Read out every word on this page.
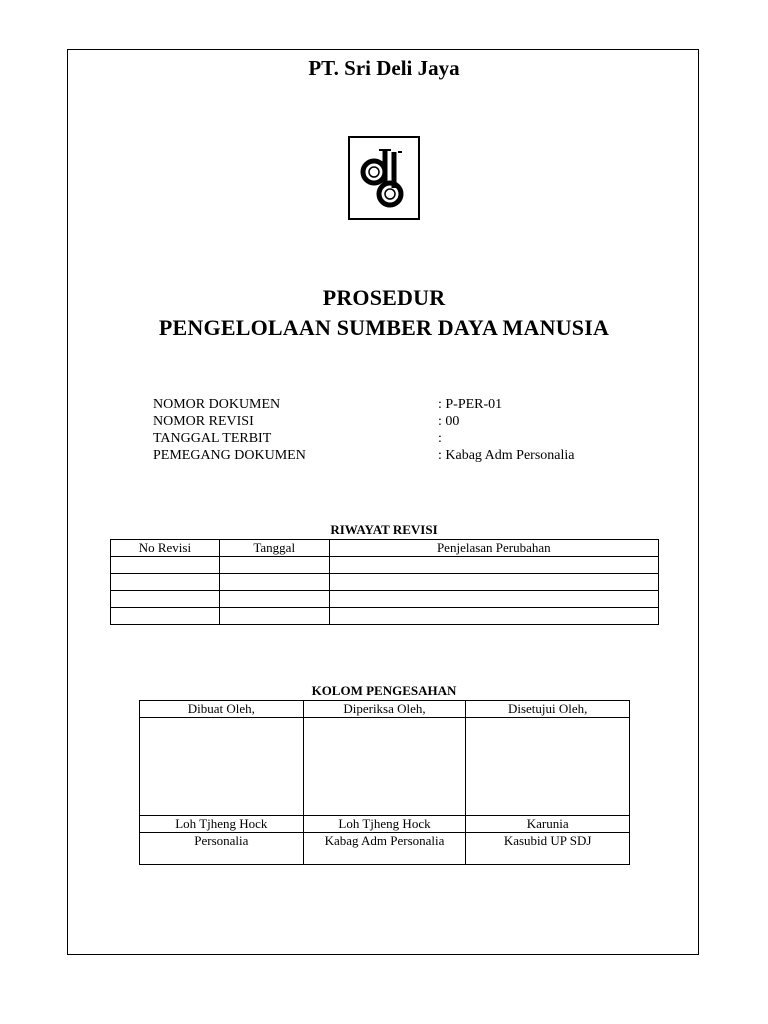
PT. Sri Deli Jaya
PROSEDUR
PENGELOLAAN SUMBER DAYA MANUSIA
NOMOR DOKUMEN	: P-PER-01
NOMOR REVISI	: 00
TANGGAL TERBIT	:
PEMEGANG DOKUMEN	: Kabag Adm Personalia
RIWAYAT REVISI
No Revisi	Tanggal	Penjelasan Perubahan

KOLOM PENGESAHAN
Dibuat Oleh,	Diperiksa Oleh,	Disetujui Oleh,

Loh Tjheng Hock	Loh Tjheng Hock	Karunia
Personalia	Kabag Adm Personalia	Kasubid UP SDJ
